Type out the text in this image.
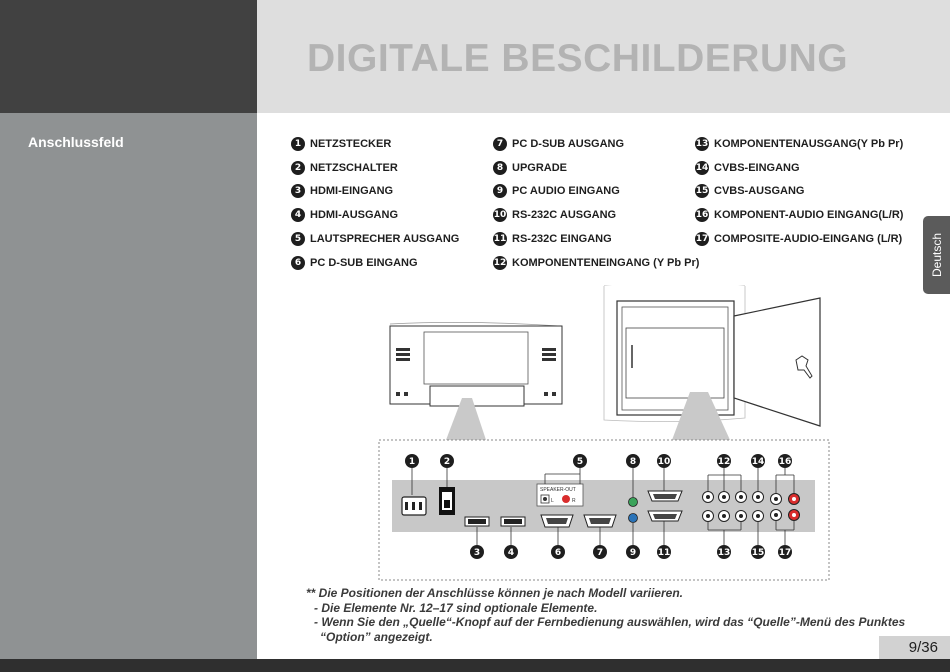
DIGITALE BESCHILDERUNG
Anschlussfeld
Deutsch
1 NETZSTECKER
2 NETZSCHALTER
3 HDMI-EINGANG
4 HDMI-AUSGANG
5 LAUTSPRECHER AUSGANG
6 PC D-SUB EINGANG
7 PC D-SUB AUSGANG
8 UPGRADE
9 PC AUDIO EINGANG
10 RS-232C AUSGANG
11 RS-232C EINGANG
12 KOMPONENTENEINGANG (Y Pb Pr)
13 KOMPONENTENAUSGANG(Y Pb Pr)
14 CVBS-EINGANG
15 CVBS-AUSGANG
16 KOMPONENT-AUDIO EINGANG(L/R)
17 COMPOSITE-AUDIO-EINGANG (L/R)
SPEAKER-OUT
L	R
1	2	5	8 10	12 14 16
3	4	6	7	9 11	13 15 17
** Die Positionen der Anschlüsse können je nach Modell variieren.
- Die Elemente Nr. 12–17 sind optionale Elemente.
- Wenn Sie den „Quelle“-Knopf auf der Fernbedienung auswählen, wird das “Quelle”-Menü des Punktes
“Option” angezeigt.
9/36
